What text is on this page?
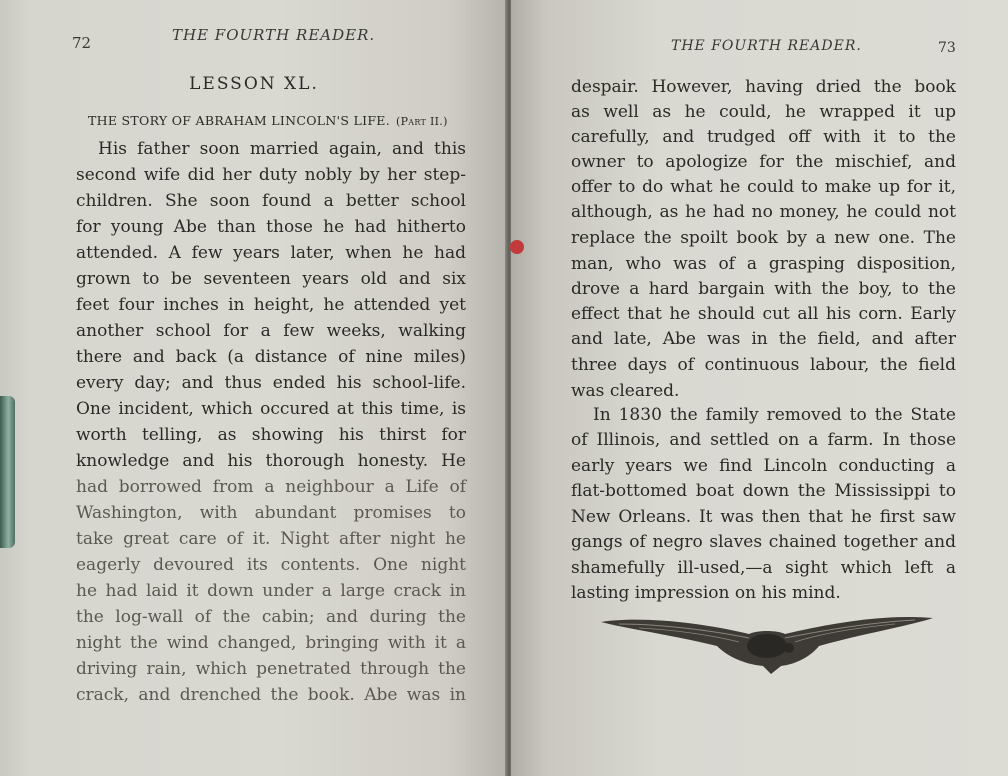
72	THE FOURTH READER.
LESSON XL.
THE STORY OF ABRAHAM LINCOLN'S LIFE. (Part II.)
His father soon married again, and this
second wife did her duty nobly by her step-
children. She soon found a better school
for young Abe than those he had hitherto
attended. A few years later, when he had
grown to be seventeen years old and six
feet four inches in height, he attended yet
another school for a few weeks, walking
there and back (a distance of nine miles)
every day; and thus ended his school-life.
One incident, which occured at this time, is
worth telling, as showing his thirst for
knowledge and his thorough honesty. He
had borrowed from a neighbour a Life of
Washington, with abundant promises to
take great care of it. Night after night he
eagerly devoured its contents. One night
he had laid it down under a large crack in
the log-wall of the cabin; and during the
night the wind changed, bringing with it a
driving rain, which penetrated through the
crack, and drenched the book. Abe was in
THE FOURTH READER.	73
despair. However, having dried the book
as well as he could, he wrapped it up
carefully, and trudged off with it to the
owner to apologize for the mischief, and
offer to do what he could to make up for it,
although, as he had no money, he could not
replace the spoilt book by a new one. The
man, who was of a grasping disposition,
drove a hard bargain with the boy, to the
effect that he should cut all his corn. Early
and late, Abe was in the field, and after
three days of continuous labour, the field
was cleared.
In 1830 the family removed to the State
of Illinois, and settled on a farm. In those
early years we find Lincoln conducting a
flat-bottomed boat down the Mississippi to
New Orleans. It was then that he first saw
gangs of negro slaves chained together and
shamefully ill-used,—a sight which left a
lasting impression on his mind.
